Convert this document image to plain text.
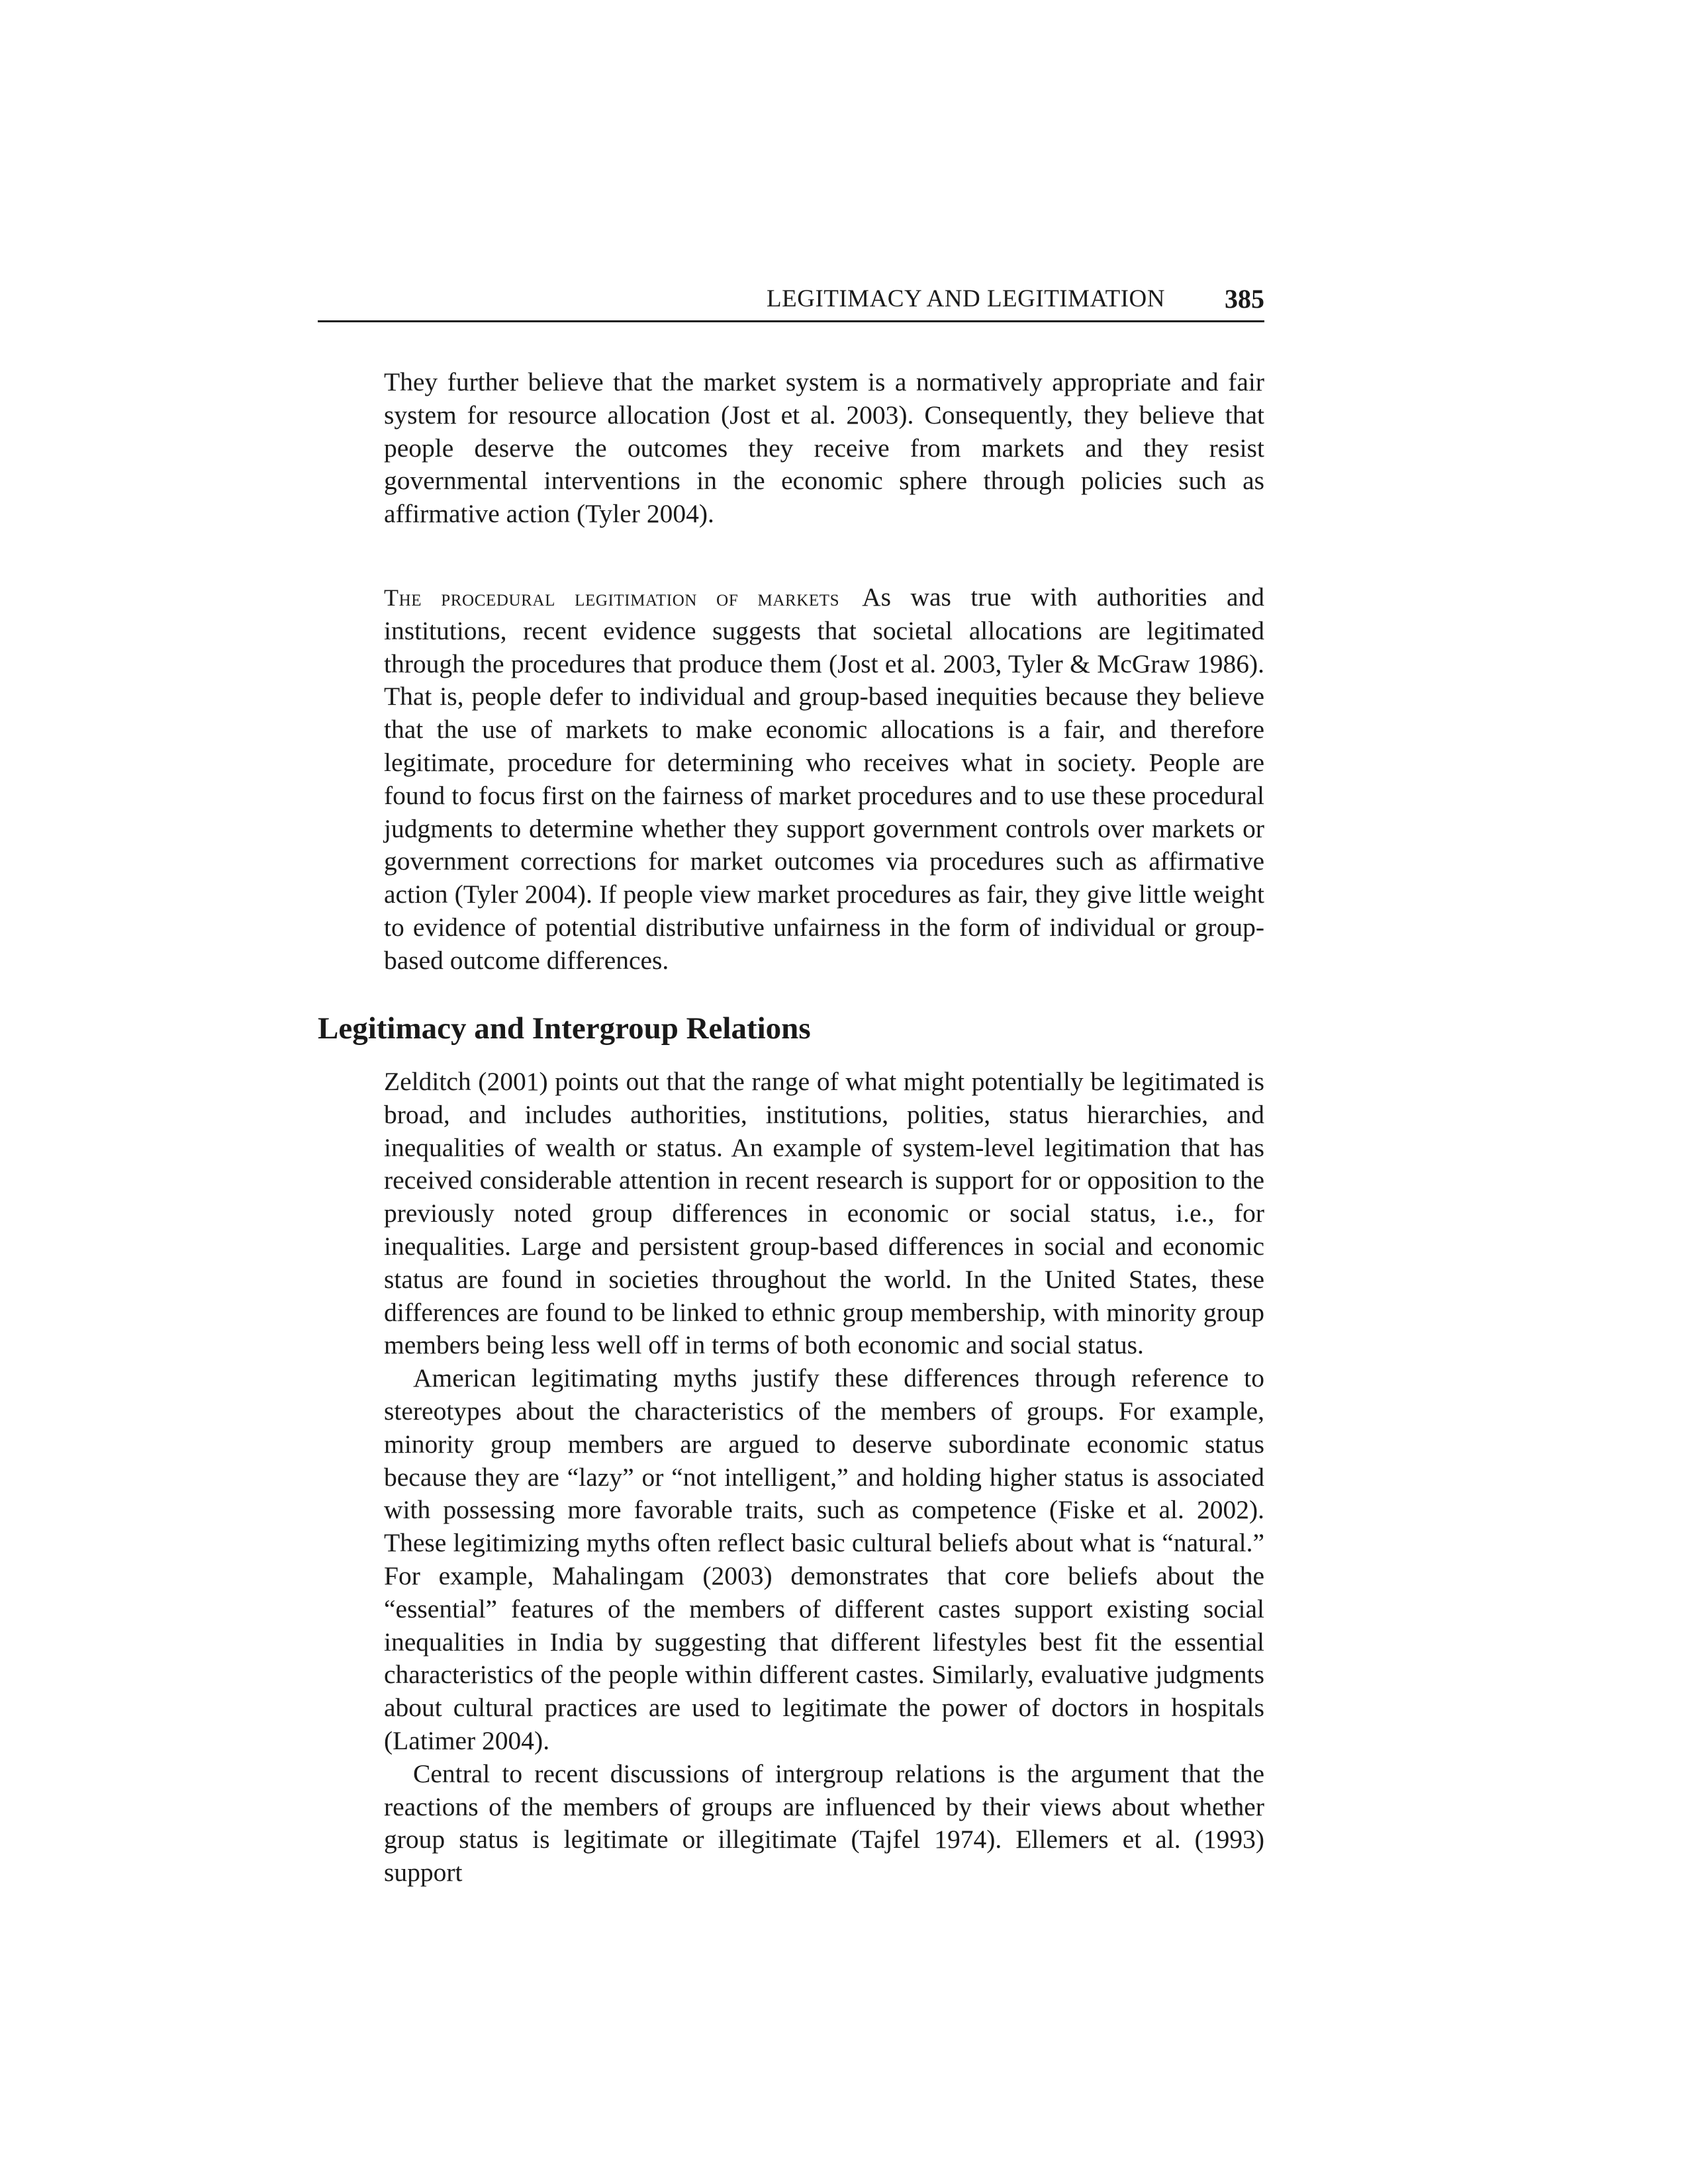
LEGITIMACY AND LEGITIMATION 385

They further believe that the market system is a normatively appropriate and fair system for resource allocation (Jost et al. 2003). Consequently, they believe that people deserve the outcomes they receive from markets and they resist governmental interventions in the economic sphere through policies such as affirmative action (Tyler 2004).

The procedural legitimation of markets As was true with authorities and institutions, recent evidence suggests that societal allocations are legitimated through the procedures that produce them (Jost et al. 2003, Tyler & McGraw 1986). That is, people defer to individual and group-based inequities because they believe that the use of markets to make economic allocations is a fair, and therefore legitimate, procedure for determining who receives what in society. People are found to focus first on the fairness of market procedures and to use these procedural judgments to determine whether they support government controls over markets or government corrections for market outcomes via procedures such as affirmative action (Tyler 2004). If people view market procedures as fair, they give little weight to evidence of potential distributive unfairness in the form of individual or group-based outcome differences.

Legitimacy and Intergroup Relations

Zelditch (2001) points out that the range of what might potentially be legitimated is broad, and includes authorities, institutions, polities, status hierarchies, and inequalities of wealth or status. An example of system-level legitimation that has received considerable attention in recent research is support for or opposition to the previously noted group differences in economic or social status, i.e., for inequalities. Large and persistent group-based differences in social and economic status are found in societies throughout the world. In the United States, these differences are found to be linked to ethnic group membership, with minority group members being less well off in terms of both economic and social status.

American legitimating myths justify these differences through reference to stereotypes about the characteristics of the members of groups. For example, minority group members are argued to deserve subordinate economic status because they are “lazy” or “not intelligent,” and holding higher status is associated with possessing more favorable traits, such as competence (Fiske et al. 2002). These legitimizing myths often reflect basic cultural beliefs about what is “natural.” For example, Mahalingam (2003) demonstrates that core beliefs about the “essential” features of the members of different castes support existing social inequalities in India by suggesting that different lifestyles best fit the essential characteristics of the people within different castes. Similarly, evaluative judgments about cultural practices are used to legitimate the power of doctors in hospitals (Latimer 2004).

Central to recent discussions of intergroup relations is the argument that the reactions of the members of groups are influenced by their views about whether group status is legitimate or illegitimate (Tajfel 1974). Ellemers et al. (1993) support
